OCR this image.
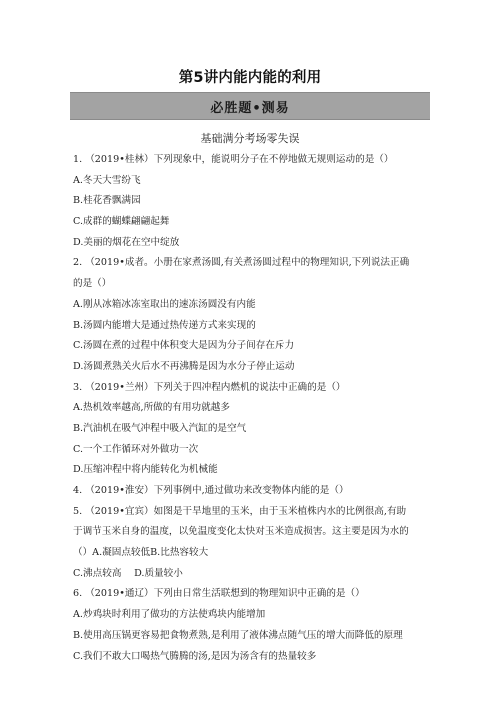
第5讲内能内能的利用
必胜题•测易
基础满分考场零失误
1. （2019•桂林）下列现象中，能说明分子在不停地做无规则运动的是（）
A.冬天大雪纷飞
B.桂花香飘满园
C.成群的蝴蝶翩翩起舞
D.美丽的烟花在空中绽放
2. （2019•成者。小册在家煮汤圆,有关煮汤圆过程中的物理知识,下列说法正确
的是（）
A.刚从冰箱冰冻室取出的速冻汤圆没有内能
B.汤圆内能增大是通过热传递方式来实现的
C.汤圆在煮的过程中体积变大是因为分子间存在斥力
D.汤圆煮熟关火后水不再沸腾是因为水分子停止运动
3. （2019•兰州）下列关于四冲程内燃机的说法中正确的是（）
A.热机效率越高,所做的有用功就越多
B.汽油机在吸气冲程中吸入汽缸的是空气
C.一个工作循环对外做功一次
D.压缩冲程中将内能转化为机械能
4. （2019•淮安）下列事例中,通过做功来改变物体内能的是（）
5. （2019•宜宾）如图是干旱地里的玉米，由于玉米植株内水的比例很高,有助
于调节玉米自身的温度，以免温度变化太快对玉米造成损害。这主要是因为水的
（）A.凝固点较低B.比热容较大
C.沸点较高　 D.质量较小
6. （2019•通辽）下列由日常生活联想到的物理知识中正确的是（）
A.炒鸡块时利用了做功的方法使鸡块内能增加
B.使用高压锅更容易把食物煮熟,是利用了液体沸点随气压的增大而降低的原理
C.我们不敢大口喝热气腾腾的汤,是因为汤含有的热量较多
